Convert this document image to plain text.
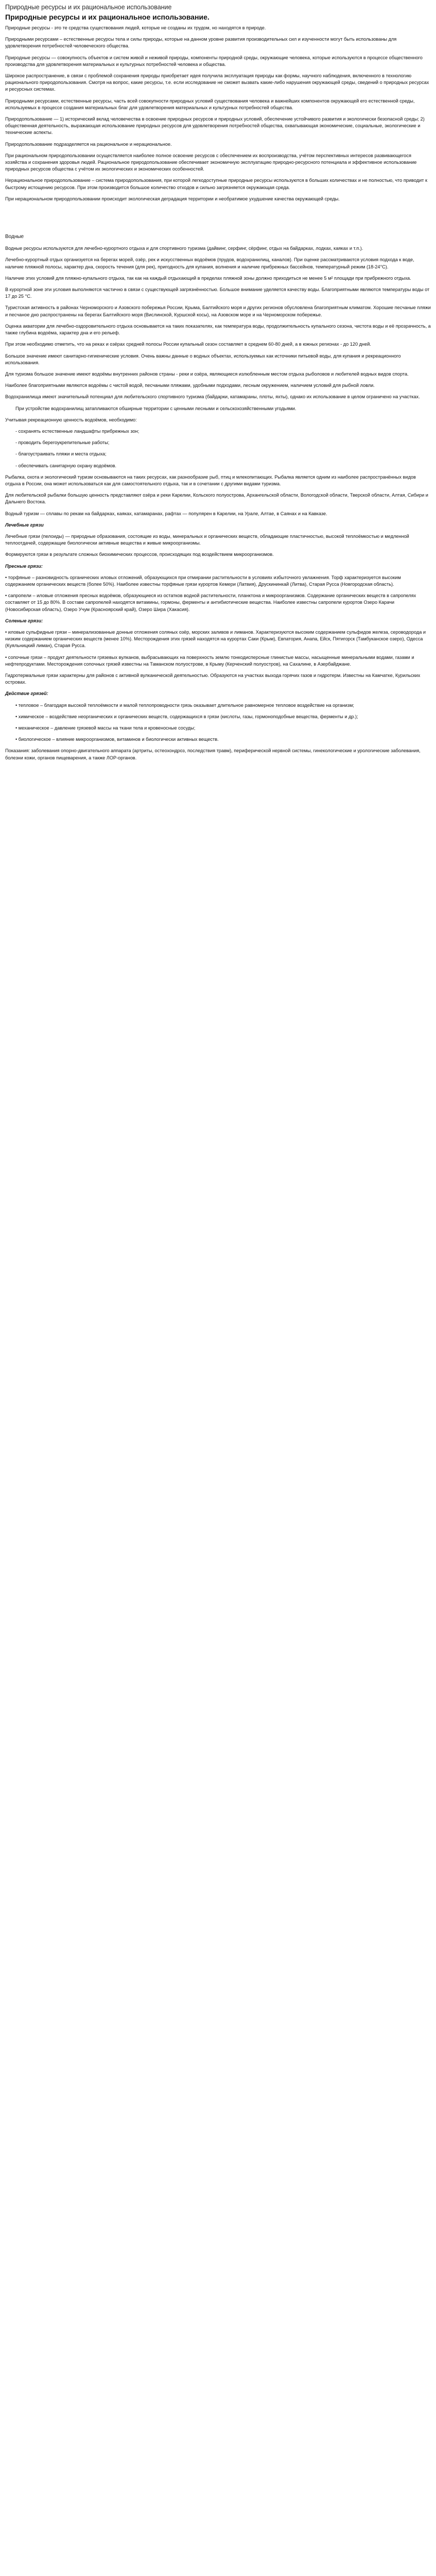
Природные ресурсы и их рациональное использование
Природные ресурсы и их рациональное использование.

Природные ресурсы - это те средства существования людей, которые не созданы их трудом, но находятся в природе.

Природными ресурсами – естественные ресурсы тела и силы природы, которые на данном уровне развития производительных сил и изученности могут быть использованы для удовлетворения потребностей человеческого общества.

Природные ресурсы — совокупность объектов и систем живой и неживой природы, компоненты природной среды, окружающие человека, которые используются в процессе общественного производства для удовлетворения материальных и культурных потребностей человека и общества.

Широкое распространение, в связи с проблемой сохранения природы приобретает идея получила эксплуатация природы как формы, научного наблюдения, включенного в технологию рационального природопользования. Смотря на вопрос, какие ресурсы, т.е. если исследование не сможет вызвать какие-либо нарушения окружающей среды, сведений о природных ресурсах и ресурсных системах.

Природными ресурсами, естественные ресурсы, часть всей совокупности природных условий существования человека и важнейших компонентов окружающей его естественной среды, используемых в процессе создания материальных благ для удовлетворения материальных и культурных потребностей общества.

Природопользование — 1) исторический вклад человечества в освоение природных ресурсов и природных условий, обеспечение устойчивого развития и экологически безопасной среды; 2) общественная деятельность, выражающая использование природных ресурсов для удовлетворения потребностей общества, охватывающая экономические, социальные, экологические и технические аспекты.

Природопользование подразделяется на рациональное и нерациональное.

При рациональном природопользовании осуществляется наиболее полное освоение ресурсов с обеспечением их воспроизводства, учётом перспективных интересов развивающегося хозяйства и сохранения здоровья людей. Рациональное природопользование обеспечивает экономичную эксплуатацию природно-ресурсного потенциала и эффективное использование природных ресурсов общества с учётом их экологических и экономических особенностей.

Нерациональное природопользование – система природопользования, при которой легкодоступные природные ресурсы используются в больших количествах и не полностью, что приводит к быстрому истощению ресурсов. При этом производится большое количество отходов и сильно загрязняется окружающая среда.

При нерациональном природопользовании происходит экологическая деградация территории и необратимое ухудшение качества окружающей среды.

Водные

Водные ресурсы используются для лечебно-курортного отдыха и для спортивного туризма (дайвинг, серфинг, сёрфинг, отдых на байдарках, лодках, каяках и т.п.).

Лечебно-курортный отдых организуется на берегах морей, озёр, рек и искусственных водоёмов (прудов, водохранилищ, каналов). При оценке рассматриваются условия подхода к воде, наличие пляжной полосы, характер дна, скорость течения (для рек), пригодность для купания, волнения и наличие прибрежных бассейнов, температурный режим (18-24°С).

Наличие этих условий для пляжно-купального отдыха, так как на каждый отдыхающий в пределах пляжной зоны должно приходиться не менее 5 м² площади при прибрежного отдыха.

В курортной зоне эти условия выполняются частично в связи с существующей загрязнённостью. Большое внимание уделяется качеству воды. Благоприятными являются температуры воды от 17 до 25 °С.

Туристская активность в районах Черноморского и Азовского побережья России, Крыма, Балтийского моря и других регионов обусловлена благоприятным климатом. Хорошие песчаные пляжи и песчаное дно распространены на берегах Балтийского моря (Вислинской, Куршской косы), на Азовском море и на Черноморском побережье.

Оценка акватории для лечебно-оздоровительного отдыха основывается на таких показателях, как температура воды, продолжительность купального сезона, чистота воды и её прозрачность, а также глубина водоёма, характер дна и его рельеф.

При этом необходимо отметить, что на реках и озёрах средней полосы России купальный сезон составляет в среднем 60-80 дней, а в южных регионах - до 120 дней.

Большое значение имеют санитарно-гигиенические условия. Очень важны данные о водных объектах, используемых как источники питьевой воды, для купания и рекреационного использования.

Для туризма большое значение имеют водоёмы внутренних районов страны - реки и озёра, являющиеся излюбленным местом отдыха рыболовов и любителей водных видов спорта.

Наиболее благоприятными являются водоёмы с чистой водой, песчаными пляжами, удобными подходами, лесным окружением, наличием условий для рыбной ловли.

Водохранилища имеют значительный потенциал для любительского спортивного туризма (байдарки, катамараны, плоты, яхты), однако их использование в целом ограничено на участках.

При устройстве водохранилищ затапливаются обширные территории с ценными лесными и сельскохозяйственными угодьями.

Учитывая рекреационную ценность водоёмов, необходимо:

- сохранять естественные ландшафты прибрежных зон;

- проводить берегоукрепительные работы;

- благоустраивать пляжи и места отдыха;

- обеспечивать санитарную охрану водоёмов.

Рыбалка, охота и экологический туризм основываются на таких ресурсах, как разнообразие рыб, птиц и млекопитающих. Рыбалка является одним из наиболее распространённых видов отдыха в России, она может использоваться как для самостоятельного отдыха, так и в сочетании с другими видами туризма.

Для любительской рыбалки большую ценность представляют озёра и реки Карелии, Кольского полуострова, Архангельской области, Вологодской области, Тверской области, Алтая, Сибири и Дальнего Востока.

Водный туризм — сплавы по рекам на байдарках, каяках, катамаранах, рафтах — популярен в Карелии, на Урале, Алтае, в Саянах и на Кавказе.

Лечебные грязи

Лечебные грязи (пелоиды) — природные образования, состоящие из воды, минеральных и органических веществ, обладающие пластичностью, высокой теплоёмкостью и медленной теплоотдачей, содержащие биологически активные вещества и живые микроорганизмы.

Формируются грязи в результате сложных биохимических процессов, происходящих под воздействием микроорганизмов.

Пресные грязи:

• торфяные – разновидность органических иловых отложений, образующихся при отмирании растительности в условиях избыточного увлажнения. Торф характеризуется высоким содержанием органических веществ (более 50%). Наиболее известны торфяные грязи курортов Кемери (Латвия), Друскининкай (Литва), Старая Русса (Новгородская область).

• сапропели – иловые отложения пресных водоёмов, образующиеся из остатков водной растительности, планктона и микроорганизмов. Содержание органических веществ в сапропелях составляет от 15 до 80%. В составе сапропелей находятся витамины, гормоны, ферменты и антибиотические вещества. Наиболее известны сапропели курортов Озеро Карачи (Новосибирская область), Озеро Учум (Красноярский край), Озеро Шира (Хакасия).

Соленые грязи:

• иловые сульфидные грязи – минерализованные донные отложения соляных озёр, морских заливов и лиманов. Характеризуются высоким содержанием сульфидов железа, сероводорода и низким содержанием органических веществ (менее 10%). Месторождения этих грязей находятся на курортах Саки (Крым), Евпатория, Анапа, Ейск, Пятигорск (Тамбуканское озеро), Одесса (Куяльницкий лиман), Старая Русса.

• сопочные грязи – продукт деятельности грязевых вулканов, выбрасывающих на поверхность землю тонкодисперсные глинистые массы, насыщенные минеральными водами, газами и нефтепродуктами. Месторождения сопочных грязей известны на Таманском полуострове, в Крыму (Керченский полуостров), на Сахалине, в Азербайджане.

Гидротермальные грязи характерны для районов с активной вулканической деятельностью. Образуются на участках выхода горячих газов и гидротерм. Известны на Камчатке, Курильских островах.

Действие грязей:

• тепловое – благодаря высокой теплоёмкости и малой теплопроводности грязь оказывает длительное равномерное тепловое воздействие на организм;

• химическое – воздействие неорганических и органических веществ, содержащихся в грязи (кислоты, газы, гормоноподобные вещества, ферменты и др.);

• механическое – давление грязевой массы на ткани тела и кровеносные сосуды;

• биологическое – влияние микроорганизмов, витаминов и биологически активных веществ.

Показания: заболевания опорно-двигательного аппарата (артриты, остеохондроз, последствия травм), периферической нервной системы, гинекологические и урологические заболевания, болезни кожи, органов пищеварения, а также ЛОР-органов.
